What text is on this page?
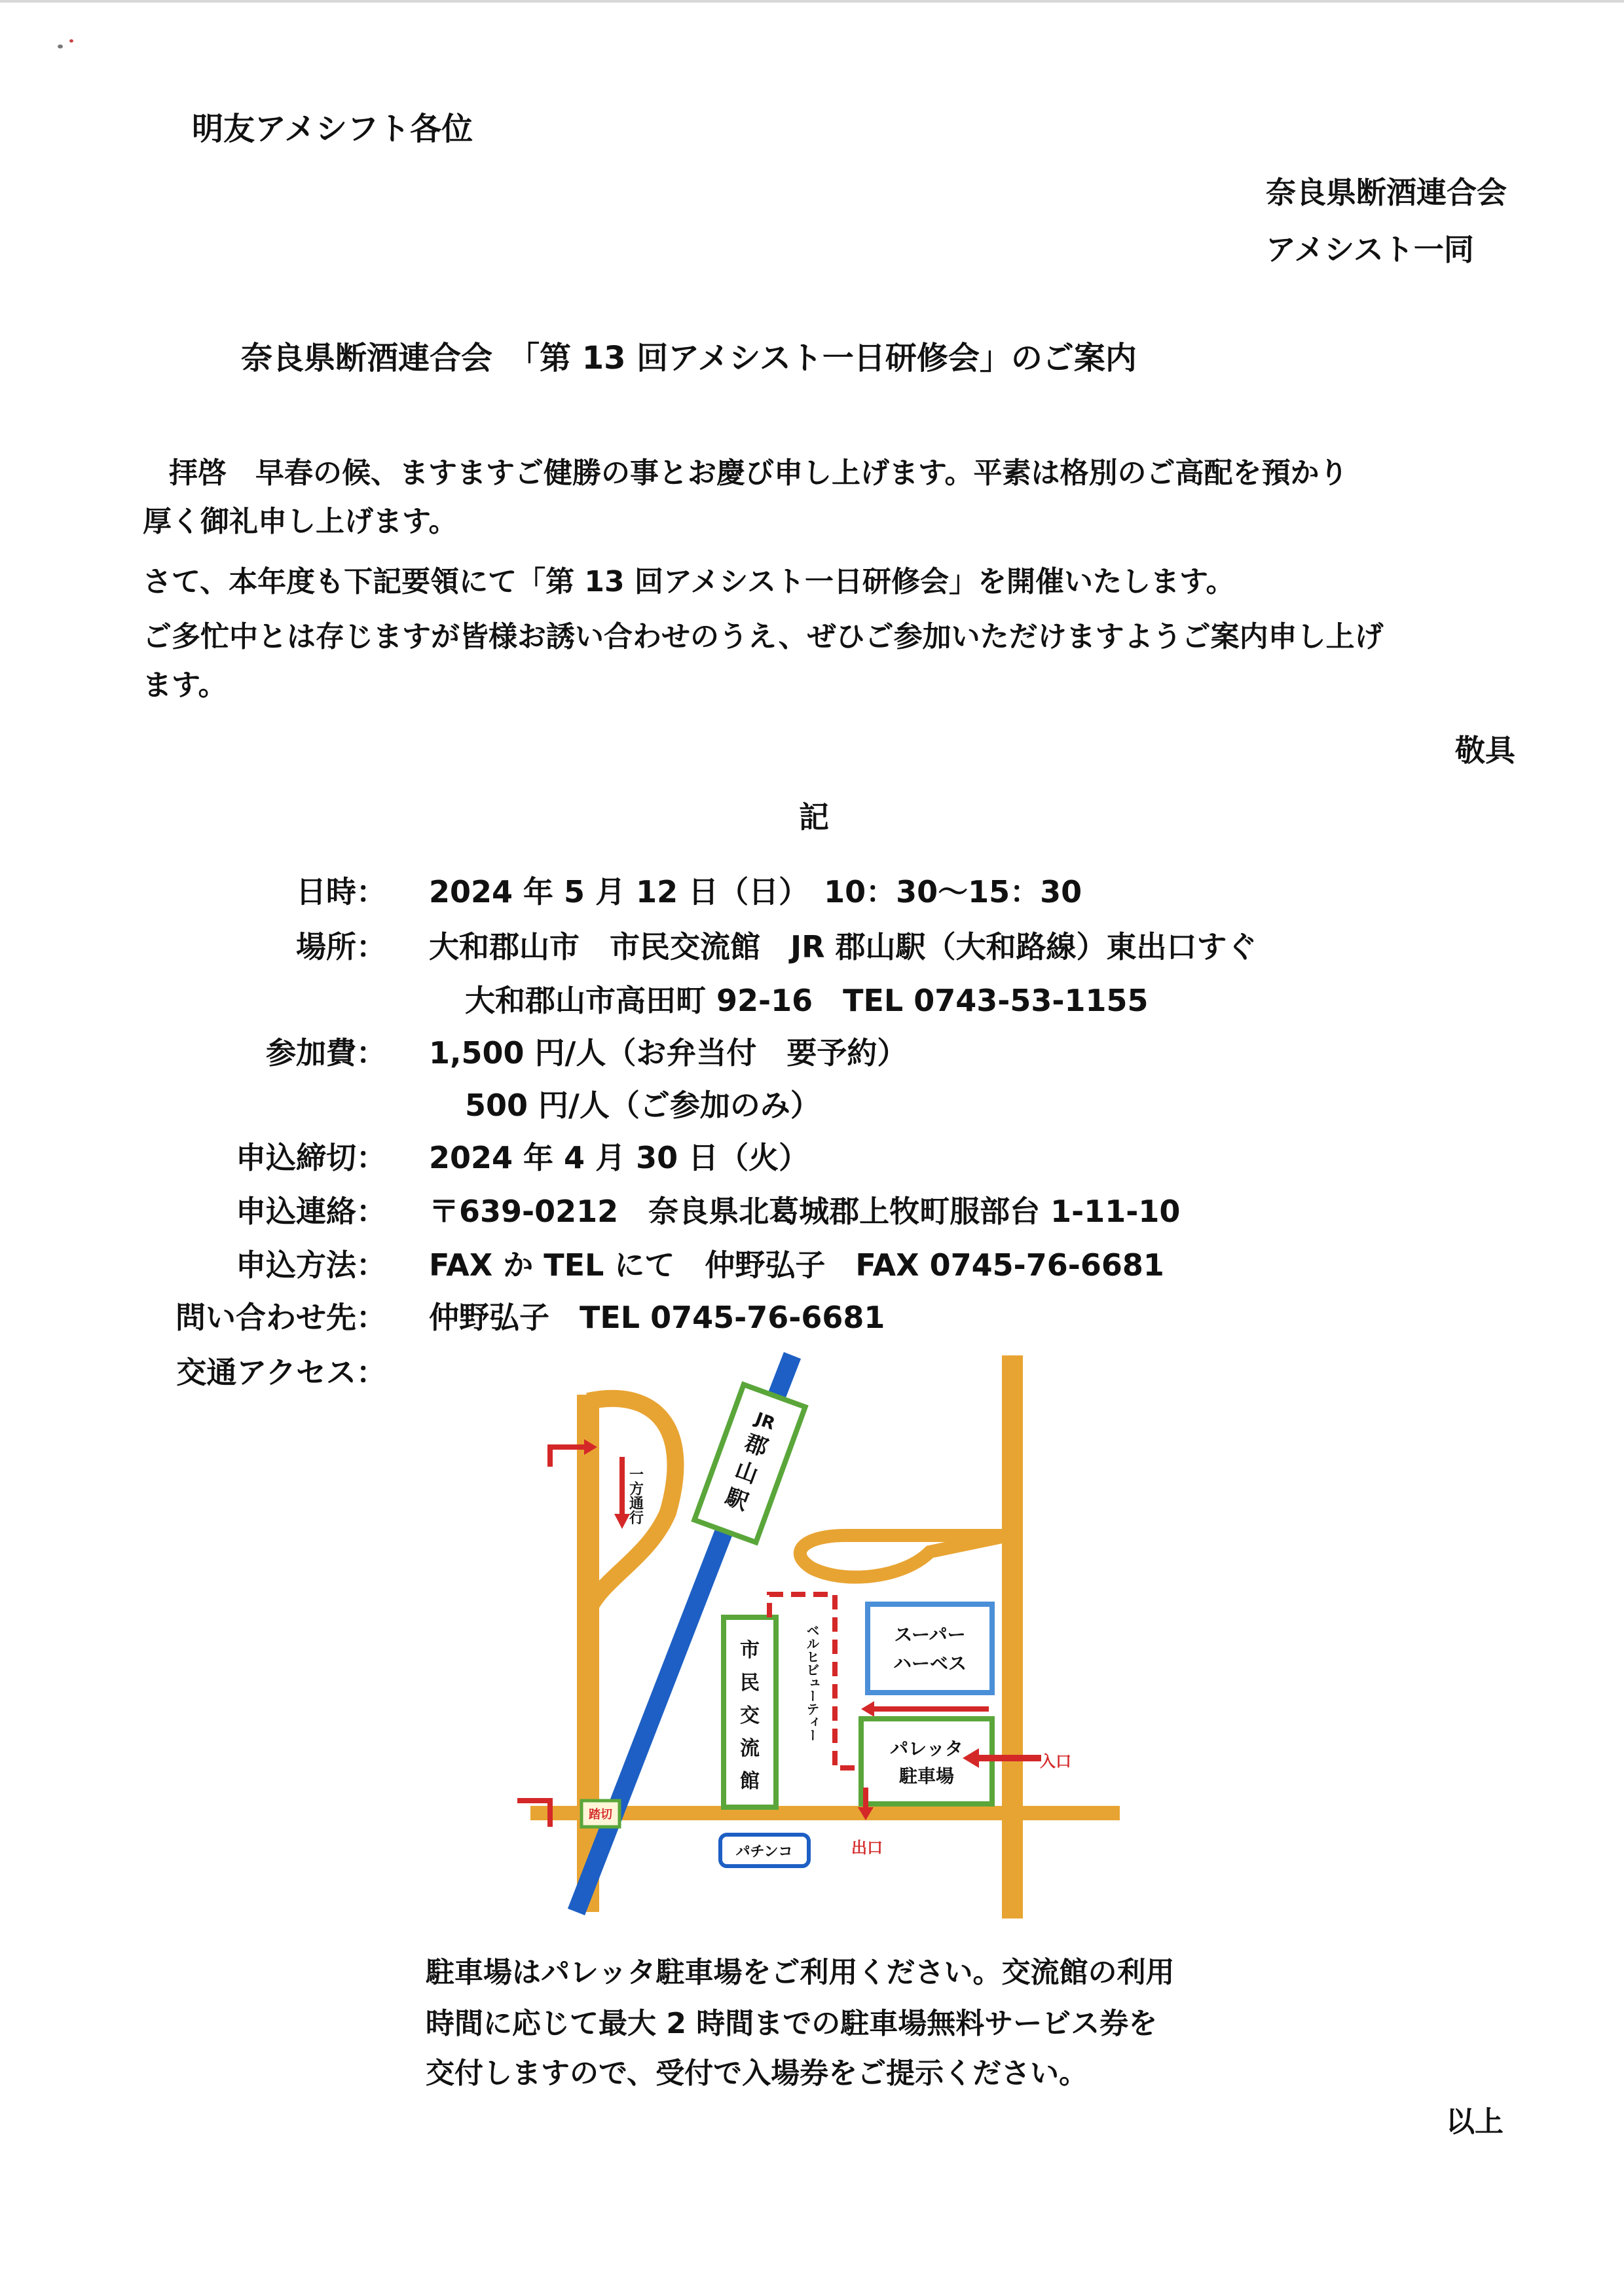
明友アメシフト各位
奈良県断酒連合会
アメシスト一同
奈良県断酒連合会　「第 13 回アメシスト一日研修会」のご案内
拝啓　早春の候、ますますご健勝の事とお慶び申し上げます。平素は格別のご高配を預かり
厚く御礼申し上げます。
さて、本年度も下記要領にて「第 13 回アメシスト一日研修会」を開催いたします。
ご多忙中とは存じますが皆様お誘い合わせのうえ、ぜひご参加いただけますようご案内申し上げ
ます。
敬具
記
日時： 2024 年 5 月 12 日（日）　10：30～15：30
場所： 大和郡山市　市民交流館　JR 郡山駅（大和路線）東出口すぐ
大和郡山市高田町 92-16　TEL 0743-53-1155
参加費： 1,500 円/人（お弁当付　要予約）
500 円/人（ご参加のみ）
申込締切： 2024 年 4 月 30 日（火）
申込連絡： 〒639-0212　奈良県北葛城郡上牧町服部台 1-11-10
申込方法： FAX か TEL にて　仲野弘子　FAX 0745-76-6681
問い合わせ先： 仲野弘子　TEL 0745-76-6681
交通アクセス：
JR
郡
山
駅
一方通行
市
民
交
流
館
ベルヒビューティー	スーパー
ハーベス
パレッタ
駐車場
入口
出口
踏切
パチンコ
駐車場はパレッタ駐車場をご利用ください。交流館の利用
時間に応じて最大 2 時間までの駐車場無料サービス券を
交付しますので、受付で入場券をご提示ください。
以上
